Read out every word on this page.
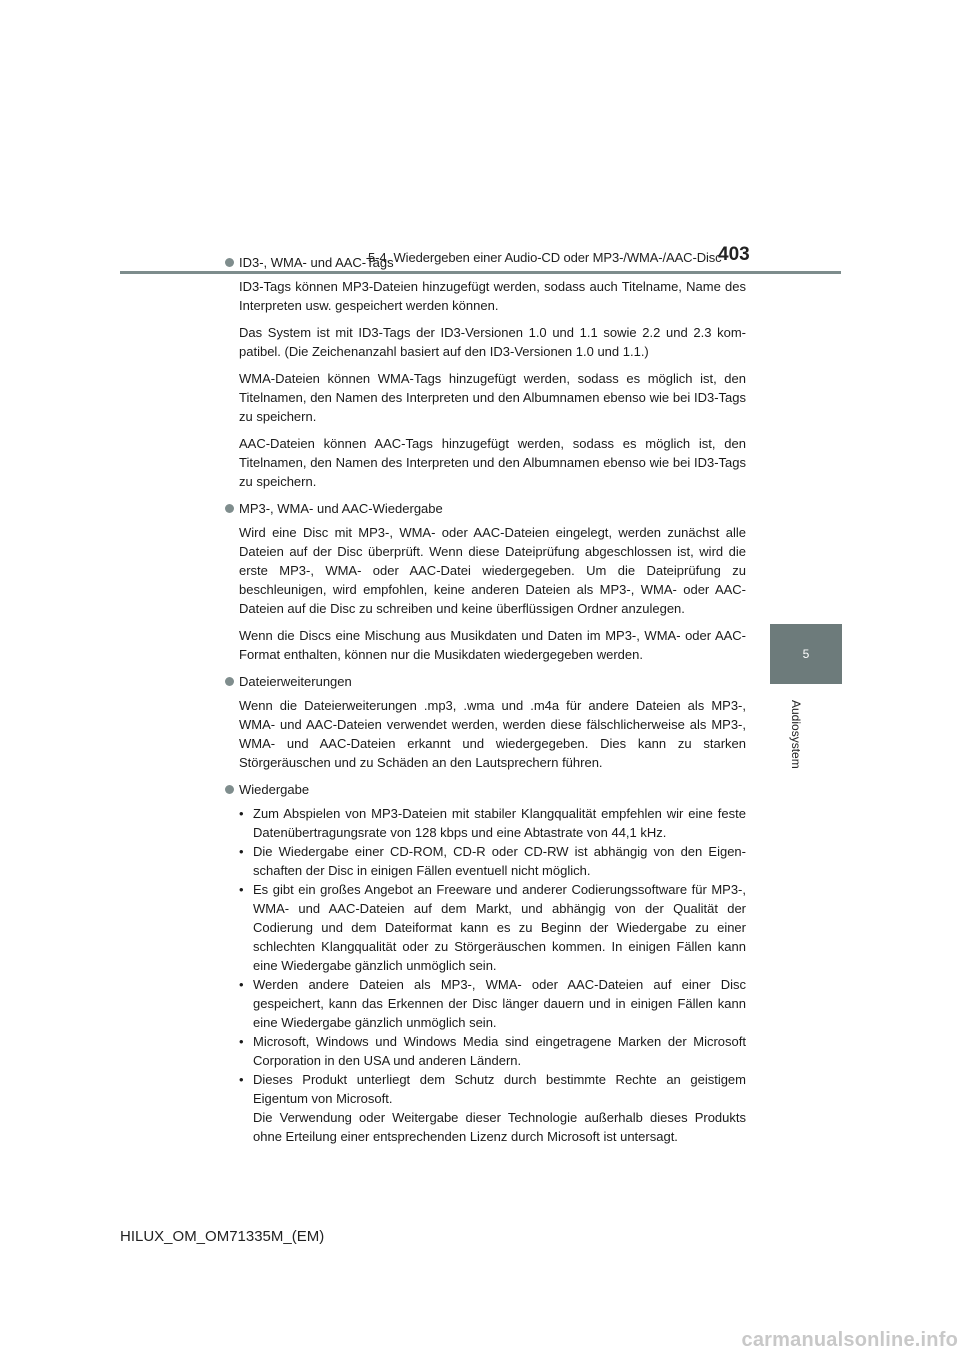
5-4. Wiedergeben einer Audio-CD oder MP3-/WMA-/AAC-Disc
403
5
Audiosystem
ID3-, WMA- und AAC-Tags

ID3-Tags können MP3-Dateien hinzugefügt werden, sodass auch Titelname, Name des Interpreten usw. gespeichert werden können.

Das System ist mit ID3-Tags der ID3-Versionen 1.0 und 1.1 sowie 2.2 und 2.3 kom-patibel. (Die Zeichenanzahl basiert auf den ID3-Versionen 1.0 und 1.1.)

WMA-Dateien können WMA-Tags hinzugefügt werden, sodass es möglich ist, den Titelnamen, den Namen des Interpreten und den Albumnamen ebenso wie bei ID3-Tags zu speichern.

AAC-Dateien können AAC-Tags hinzugefügt werden, sodass es möglich ist, den Titelnamen, den Namen des Interpreten und den Albumnamen ebenso wie bei ID3-Tags zu speichern.

MP3-, WMA- und AAC-Wiedergabe

Wird eine Disc mit MP3-, WMA- oder AAC-Dateien eingelegt, werden zunächst alle Dateien auf der Disc überprüft. Wenn diese Dateiprüfung abgeschlossen ist, wird die erste MP3-, WMA- oder AAC-Datei wiedergegeben. Um die Dateiprüfung zu beschleunigen, wird empfohlen, keine anderen Dateien als MP3-, WMA- oder AAC-Dateien auf die Disc zu schreiben und keine überflüssigen Ordner anzulegen.

Wenn die Discs eine Mischung aus Musikdaten und Daten im MP3-, WMA- oder AAC-Format enthalten, können nur die Musikdaten wiedergegeben werden.

Dateierweiterungen

Wenn die Dateierweiterungen .mp3, .wma und .m4a für andere Dateien als MP3-, WMA- und AAC-Dateien verwendet werden, werden diese fälschlicherweise als MP3-, WMA- und AAC-Dateien erkannt und wiedergegeben. Dies kann zu starken Störgeräuschen und zu Schäden an den Lautsprechern führen.

Wiedergabe
• Zum Abspielen von MP3-Dateien mit stabiler Klangqualität empfehlen wir eine feste Datenübertragungsrate von 128 kbps und eine Abtastrate von 44,1 kHz.
• Die Wiedergabe einer CD-ROM, CD-R oder CD-RW ist abhängig von den Eigen-schaften der Disc in einigen Fällen eventuell nicht möglich.
• Es gibt ein großes Angebot an Freeware und anderer Codierungssoftware für MP3-, WMA- und AAC-Dateien auf dem Markt, und abhängig von der Qualität der Codierung und dem Dateiformat kann es zu Beginn der Wiedergabe zu einer schlechten Klangqualität oder zu Störgeräuschen kommen. In einigen Fällen kann eine Wiedergabe gänzlich unmöglich sein.
• Werden andere Dateien als MP3-, WMA- oder AAC-Dateien auf einer Disc gespeichert, kann das Erkennen der Disc länger dauern und in einigen Fällen kann eine Wiedergabe gänzlich unmöglich sein.
• Microsoft, Windows und Windows Media sind eingetragene Marken der Microsoft Corporation in den USA und anderen Ländern.
• Dieses Produkt unterliegt dem Schutz durch bestimmte Rechte an geistigem Eigentum von Microsoft.
Die Verwendung oder Weitergabe dieser Technologie außerhalb dieses Produkts ohne Erteilung einer entsprechenden Lizenz durch Microsoft ist untersagt.
HILUX_OM_OM71335M_(EM)
carmanualsonline.info
